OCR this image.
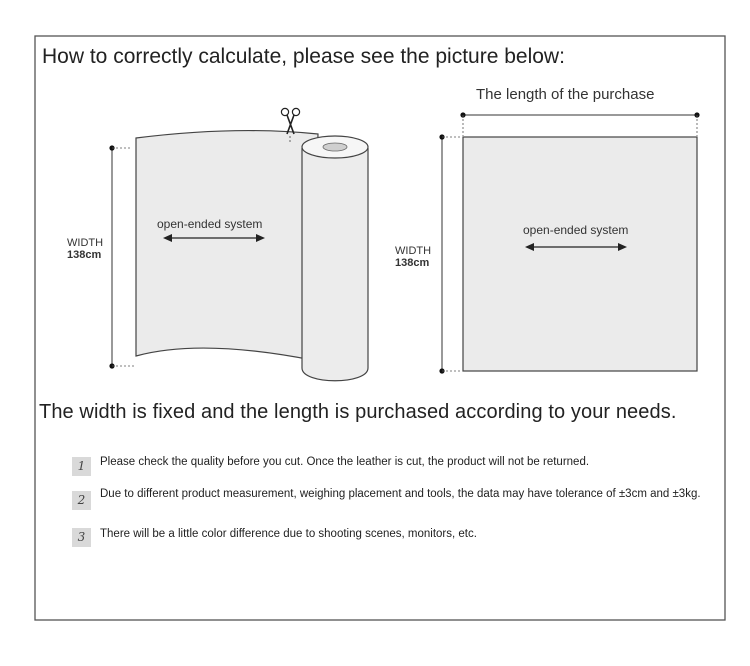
How to correctly calculate, please see the picture below:
The length of the purchase
open-ended system	open-ended system
WIDTH
138cm	WIDTH
138cm
The width is fixed and the length is purchased according to your needs.
1	Please check the quality before you cut. Once the leather is cut, the product will not be returned.
2	Due to different product measurement, weighing placement and tools, the data may have tolerance of ±3cm and ±3kg.
3	There will be a little color difference due to shooting scenes, monitors, etc.
